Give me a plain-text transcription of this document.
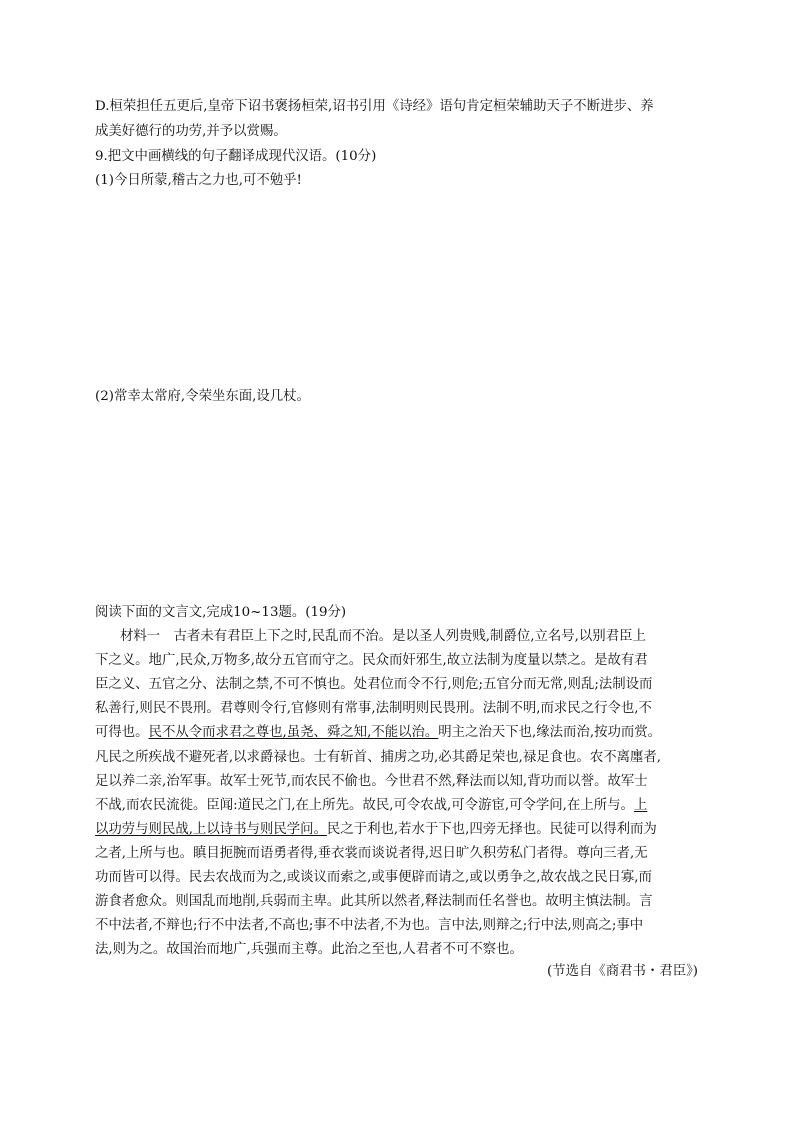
D.桓荣担任五更后,皇帝下诏书褒扬桓荣,诏书引用《诗经》语句肯定桓荣辅助天子不断进步、养
成美好德行的功劳,并予以赏赐。
9.把文中画横线的句子翻译成现代汉语。(10分)
(1)今日所蒙,稽古之力也,可不勉乎!
(2)常幸太常府,令荣坐东面,设几杖。
阅读下面的文言文,完成10~13题。(19分)
材料一　古者未有君臣上下之时,民乱而不治。是以圣人列贵贱,制爵位,立名号,以别君臣上
下之义。地广,民众,万物多,故分五官而守之。民众而奸邪生,故立法制为度量以禁之。是故有君
臣之义、五官之分、法制之禁,不可不慎也。处君位而令不行,则危;五官分而无常,则乱;法制设而
私善行,则民不畏刑。君尊则令行,官修则有常事,法制明则民畏刑。法制不明,而求民之行令也,不
可得也。民不从令而求君之尊也,虽尧、舜之知,不能以治。明主之治天下也,缘法而治,按功而赏。
凡民之所疾战不避死者,以求爵禄也。士有斩首、捕虏之功,必其爵足荣也,禄足食也。农不离廛者,
足以养二亲,治军事。故军士死节,而农民不偷也。今世君不然,释法而以知,背功而以誉。故军士
不战,而农民流徙。臣闻:道民之门,在上所先。故民,可令农战,可令游宦,可令学问,在上所与。上
以功劳与则民战,上以诗书与则民学问。民之于利也,若水于下也,四旁无择也。民徒可以得利而为
之者,上所与也。瞋目扼腕而语勇者得,垂衣裳而谈说者得,迟日旷久积劳私门者得。尊向三者,无
功而皆可以得。民去农战而为之,或谈议而索之,或事便辟而请之,或以勇争之,故农战之民日寡,而
游食者愈众。则国乱而地削,兵弱而主卑。此其所以然者,释法制而任名誉也。故明主慎法制。言
不中法者,不辩也;行不中法者,不高也;事不中法者,不为也。言中法,则辩之;行中法,则高之;事中
法,则为之。故国治而地广,兵强而主尊。此治之至也,人君者不可不察也。
(节选自《商君书・君臣》)
